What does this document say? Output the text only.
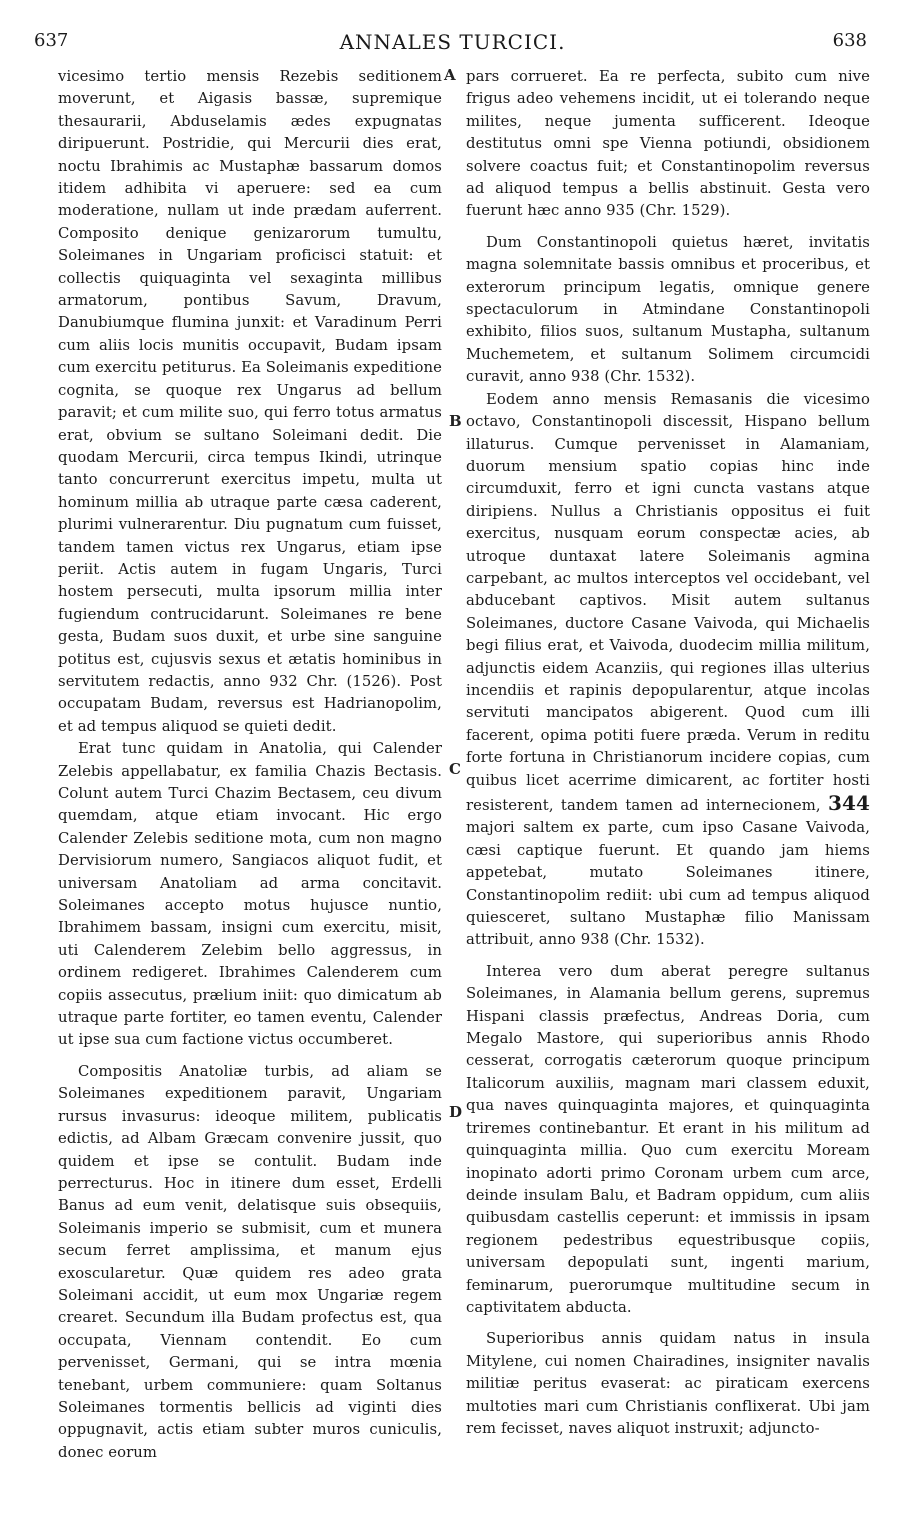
637	ANNALES TURCICI.	638
A
B
C
D

vicesimo tertio mensis Rezebis seditionem moverunt, et Aigasis bassæ, supremique thesaurarii, Abduselamis ædes expugnatas diripuerunt. Postridie, qui Mercurii dies erat, noctu Ibrahimis ac Mustaphæ bassarum domos itidem adhibita vi aperuere: sed ea cum moderatione, nullam ut inde prædam auferrent. Composito denique genizarorum tumultu, Soleimanes in Ungariam proficisci statuit: et collectis quiquaginta vel sexaginta millibus armatorum, pontibus Savum, Dravum, Danubiumque flumina junxit: et Varadinum Perri cum aliis locis munitis occupavit, Budam ipsam cum exercitu petiturus. Ea Soleimanis expeditione cognita, se quoque rex Ungarus ad bellum paravit; et cum milite suo, qui ferro totus armatus erat, obvium se sultano Soleimani dedit. Die quodam Mercurii, circa tempus Ikindi, utrinque tanto concurrerunt exercitus impetu, multa ut hominum millia ab utraque parte cæsa caderent, plurimi vulnerarentur. Diu pugnatum cum fuisset, tandem tamen victus rex Ungarus, etiam ipse periit. Actis autem in fugam Ungaris, Turci hostem persecuti, multa ipsorum millia inter fugiendum contrucidarunt. Soleimanes re bene gesta, Budam suos duxit, et urbe sine sanguine potitus est, cujusvis sexus et ætatis hominibus in servitutem redactis, anno 932 Chr. (1526). Post occupatam Budam, reversus est Hadrianopolim, et ad tempus aliquod se quieti dedit.

Erat tunc quidam in Anatolia, qui Calender Zelebis appellabatur, ex familia Chazis Bectasis. Colunt autem Turci Chazim Bectasem, ceu divum quemdam, atque etiam invocant. Hic ergo Calender Zelebis seditione mota, cum non magno Dervisiorum numero, Sangiacos aliquot fudit, et universam Anatoliam ad arma concitavit. Soleimanes accepto motus hujusce nuntio, Ibrahimem bassam, insigni cum exercitu, misit, uti Calenderem Zelebim bello aggressus, in ordinem redigeret. Ibrahimes Calenderem cum copiis assecutus, prælium iniit: quo dimicatum ab utraque parte fortiter, eo tamen eventu, Calender ut ipse sua cum factione victus occumberet.

Compositis Anatoliæ turbis, ad aliam se Soleimanes expeditionem paravit, Ungariam rursus invasurus: ideoque militem, publicatis edictis, ad Albam Græcam convenire jussit, quo quidem et ipse se contulit. Budam inde perrecturus. Hoc in itinere dum esset, Erdelli Banus ad eum venit, delatisque suis obsequiis, Soleimanis imperio se submisit, cum et munera secum ferret amplissima, et manum ejus exoscularetur. Quæ quidem res adeo grata Soleimani accidit, ut eum mox Ungariæ regem crearet. Secundum illa Budam profectus est, qua occupata, Viennam contendit. Eo cum pervenisset, Germani, qui se intra mœnia tenebant, urbem communiere: quam Soltanus Soleimanes tormentis bellicis ad viginti dies oppugnavit, actis etiam subter muros cuniculis, donec eorum

pars corrueret. Ea re perfecta, subito cum nive frigus adeo vehemens incidit, ut ei tolerando neque milites, neque jumenta sufficerent. Ideoque destitutus omni spe Vienna potiundi, obsidionem solvere coactus fuit; et Constantinopolim reversus ad aliquod tempus a bellis abstinuit. Gesta vero fuerunt hæc anno 935 (Chr. 1529).

Dum Constantinopoli quietus hæret, invitatis magna solemnitate bassis omnibus et proceribus, et exterorum principum legatis, omnique genere spectaculorum in Atmindane Constantinopoli exhibito, filios suos, sultanum Mustapha, sultanum Muchemetem, et sultanum Solimem circumcidi curavit, anno 938 (Chr. 1532).

Eodem anno mensis Remasanis die vicesimo octavo, Constantinopoli discessit, Hispano bellum illaturus. Cumque pervenisset in Alamaniam, duorum mensium spatio copias hinc inde circumduxit, ferro et igni cuncta vastans atque diripiens. Nullus a Christianis oppositus ei fuit exercitus, nusquam eorum conspectæ acies, ab utroque duntaxat latere Soleimanis agmina carpebant, ac multos interceptos vel occidebant, vel abducebant captivos. Misit autem sultanus Soleimanes, ductore Casane Vaivoda, qui Michaelis begi filius erat, et Vaivoda, duodecim millia militum, adjunctis eidem Acanziis, qui regiones illas ulterius incendiis et rapinis depopularentur, atque incolas servituti mancipatos abigerent. Quod cum illi facerent, opima potiti fuere præda. Verum in reditu forte fortuna in Christianorum incidere copias, cum quibus licet acerrime dimicarent, ac fortiter hosti resisterent, tandem tamen ad internecionem, 344 majori saltem ex parte, cum ipso Casane Vaivoda, cæsi captique fuerunt. Et quando jam hiems appetebat, mutato Soleimanes itinere, Constantinopolim rediit: ubi cum ad tempus aliquod quiesceret, sultano Mustaphæ filio Manissam attribuit, anno 938 (Chr. 1532).

Interea vero dum aberat peregre sultanus Soleimanes, in Alamania bellum gerens, supremus Hispani classis præfectus, Andreas Doria, cum Megalo Mastore, qui superioribus annis Rhodo cesserat, corrogatis cæterorum quoque principum Italicorum auxiliis, magnam mari classem eduxit, qua naves quinquaginta majores, et quinquaginta triremes continebantur. Et erant in his militum ad quinquaginta millia. Quo cum exercitu Moream inopinato adorti primo Coronam urbem cum arce, deinde insulam Balu, et Badram oppidum, cum aliis quibusdam castellis ceperunt: et immissis in ipsam regionem pedestribus equestribusque copiis, universam depopulati sunt, ingenti marium, feminarum, puerorumque multitudine secum in captivitatem abducta.

Superioribus annis quidam natus in insula Mitylene, cui nomen Chairadines, insigniter navalis militiæ peritus evaserat: ac piraticam exercens multoties mari cum Christianis conflixerat. Ubi jam rem fecisset, naves aliquot instruxit; adjuncto-
